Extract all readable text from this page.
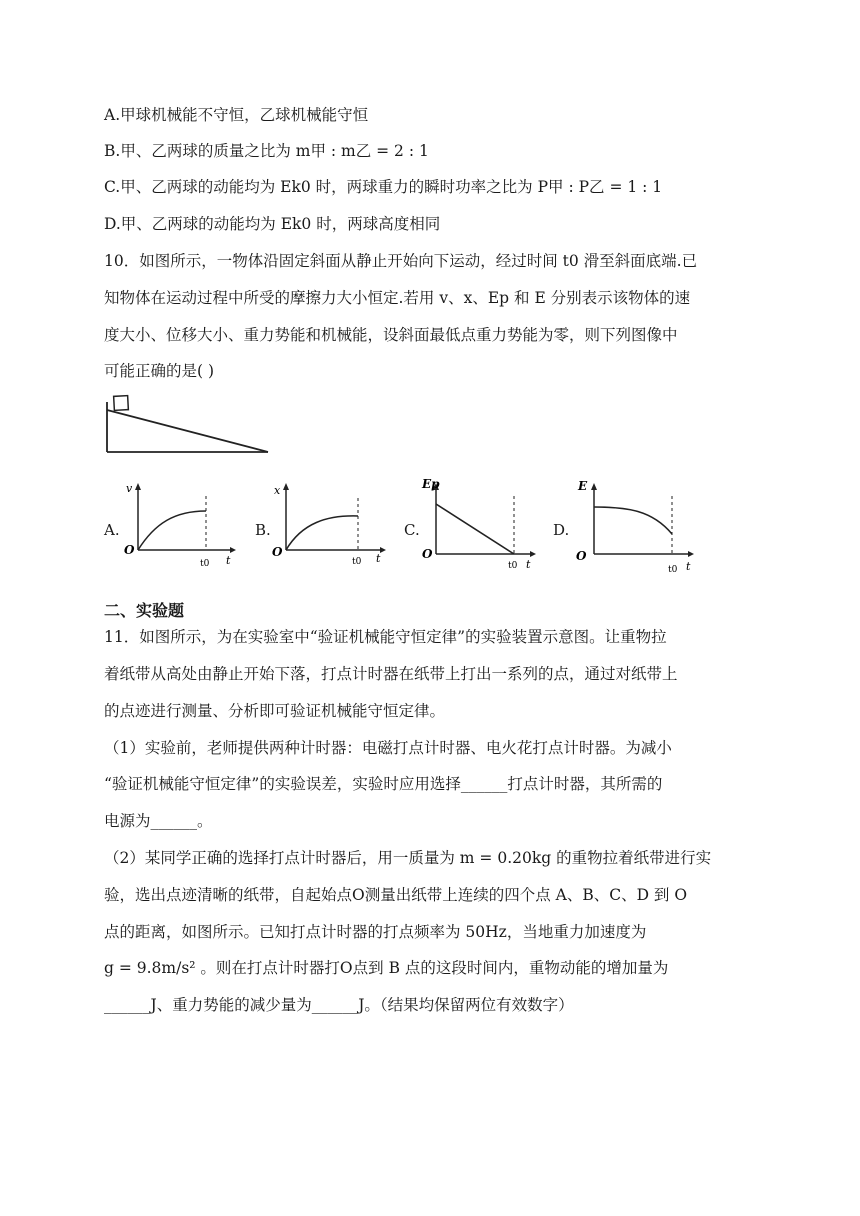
A.甲球机械能不守恒，乙球机械能守恒
B.甲、乙两球的质量之比为 m甲 : m乙 = 2 : 1
C.甲、乙两球的动能均为 Ek0 时，两球重力的瞬时功率之比为 P甲 : P乙 = 1 : 1
D.甲、乙两球的动能均为 Ek0 时，两球高度相同
10．如图所示，一物体沿固定斜面从静止开始向下运动，经过时间 t0 滑至斜面底端.已
知物体在运动过程中所受的摩擦力大小恒定.若用 v、x、Ep 和 E 分别表示该物体的速
度大小、位移大小、重力势能和机械能，设斜面最低点重力势能为零，则下列图像中
可能正确的是( )
A.
v
O
t
t0
B.
x
O	t
t0
C.
Ep
O
t
t0
D.
E
O
t
t0
二、实验题
11．如图所示，为在实验室中“验证机械能守恒定律”的实验装置示意图。让重物拉
着纸带从高处由静止开始下落，打点计时器在纸带上打出一系列的点，通过对纸带上
的点迹进行测量、分析即可验证机械能守恒定律。
（1）实验前，老师提供两种计时器：电磁打点计时器、电火花打点计时器。为减小
“验证机械能守恒定律”的实验误差，实验时应用选择______打点计时器，其所需的
电源为______。
（2）某同学正确的选择打点计时器后，用一质量为 m = 0.20kg 的重物拉着纸带进行实
验，选出点迹清晰的纸带，自起始点O测量出纸带上连续的四个点 A、B、C、D 到 O
点的距离，如图所示。已知打点计时器的打点频率为 50Hz，当地重力加速度为
g = 9.8m/s² 。则在打点计时器打O点到 B 点的这段时间内，重物动能的增加量为
______J、重力势能的减少量为______J。（结果均保留两位有效数字）
